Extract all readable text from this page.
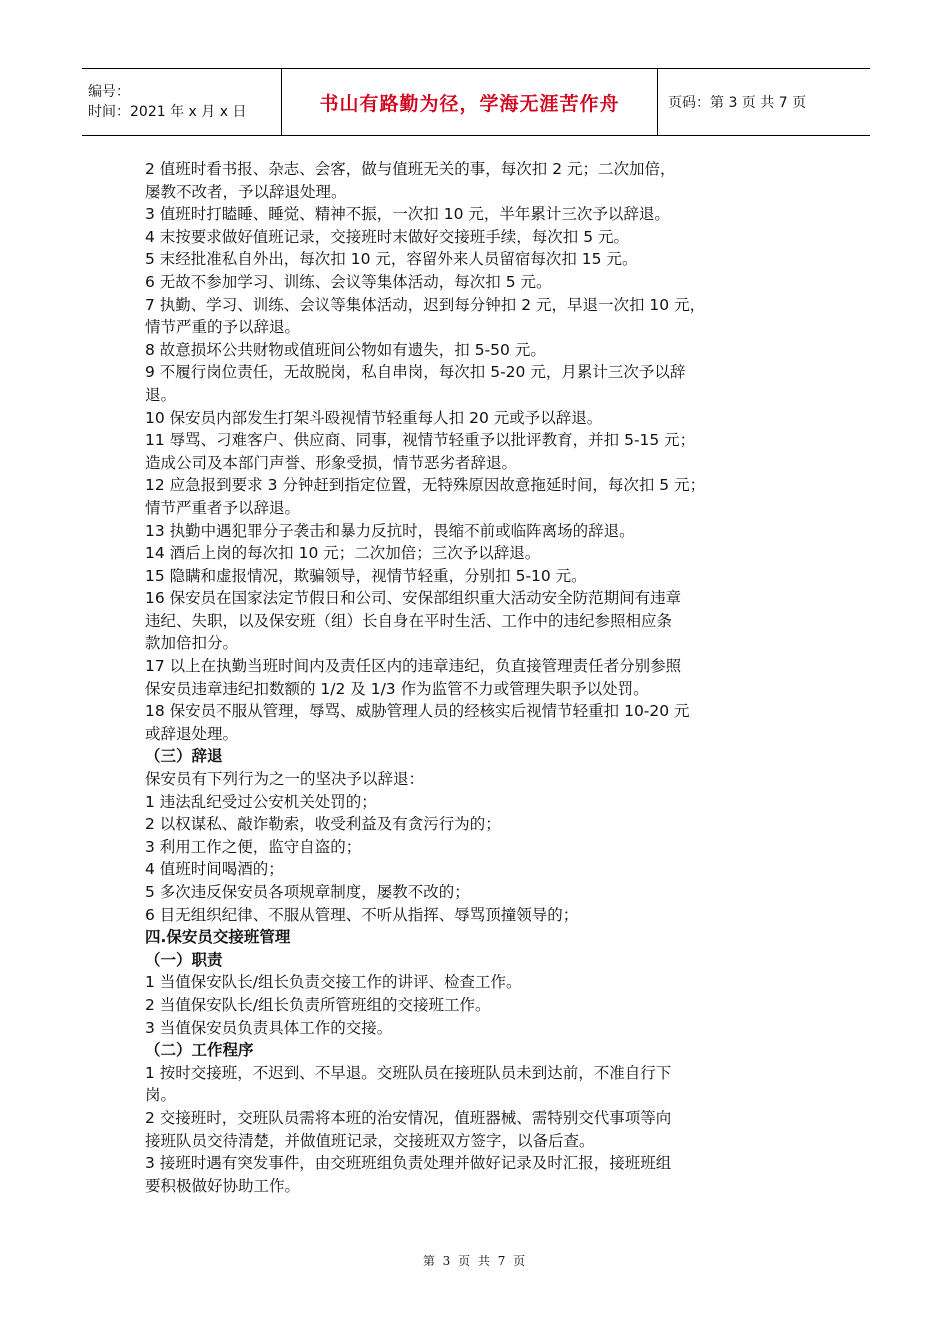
编号：
时间：2021 年 x 月 x 日	书山有路勤为径，学海无涯苦作舟	页码：第 3 页 共 7 页
2 值班时看书报、杂志、会客，做与值班无关的事，每次扣 2 元；二次加倍，
屡教不改者，予以辞退处理。
3 值班时打瞌睡、睡觉、精神不振，一次扣 10 元，半年累计三次予以辞退。
4 末按要求做好值班记录，交接班时末做好交接班手续，每次扣 5 元。
5 末经批准私自外出，每次扣 10 元，容留外来人员留宿每次扣 15 元。
6 无故不参加学习、训练、会议等集体活动，每次扣 5 元。
7 执勤、学习、训练、会议等集体活动，迟到每分钟扣 2 元，早退一次扣 10 元，
情节严重的予以辞退。
8 故意损坏公共财物或值班间公物如有遗失，扣 5-50 元。
9 不履行岗位责任，无故脱岗，私自串岗，每次扣 5-20 元，月累计三次予以辞
退。
10 保安员内部发生打架斗殴视情节轻重每人扣 20 元或予以辞退。
11 辱骂、刁难客户、供应商、同事，视情节轻重予以批评教育，并扣 5-15 元；
造成公司及本部门声誉、形象受损，情节恶劣者辞退。
12 应急报到要求 3 分钟赶到指定位置，无特殊原因故意拖延时间，每次扣 5 元；
情节严重者予以辞退。
13 执勤中遇犯罪分子袭击和暴力反抗时，畏缩不前或临阵离场的辞退。
14 酒后上岗的每次扣 10 元；二次加倍；三次予以辞退。
15 隐瞒和虚报情况，欺骗领导，视情节轻重，分别扣 5-10 元。
16 保安员在国家法定节假日和公司、安保部组织重大活动安全防范期间有违章
违纪、失职，以及保安班（组）长自身在平时生活、工作中的违纪参照相应条
款加倍扣分。
17 以上在执勤当班时间内及责任区内的违章违纪，负直接管理责任者分别参照
保安员违章违纪扣数额的 1/2 及 1/3 作为监管不力或管理失职予以处罚。
18 保安员不服从管理，辱骂、威胁管理人员的经核实后视情节轻重扣 10-20 元
或辞退处理。
（三）辞退
保安员有下列行为之一的坚决予以辞退：
1 违法乱纪受过公安机关处罚的；
2 以权谋私、敲诈勒索，收受利益及有贪污行为的；
3 利用工作之便，监守自盗的；
4 值班时间喝酒的；
5 多次违反保安员各项规章制度，屡教不改的；
6 目无组织纪律、不服从管理、不听从指挥、辱骂顶撞领导的；
四.保安员交接班管理
（一）职责
1 当值保安队长/组长负责交接工作的讲评、检查工作。
2 当值保安队长/组长负责所管班组的交接班工作。
3 当值保安员负责具体工作的交接。
（二）工作程序
1 按时交接班，不迟到、不早退。交班队员在接班队员未到达前，不准自行下
岗。
2 交接班时，交班队员需将本班的治安情况，值班器械、需特别交代事项等向
接班队员交待清楚，并做值班记录，交接班双方签字，以备后查。
3 接班时遇有突发事件，由交班班组负责处理并做好记录及时汇报，接班班组
要积极做好协助工作。
第 3 页 共 7 页
